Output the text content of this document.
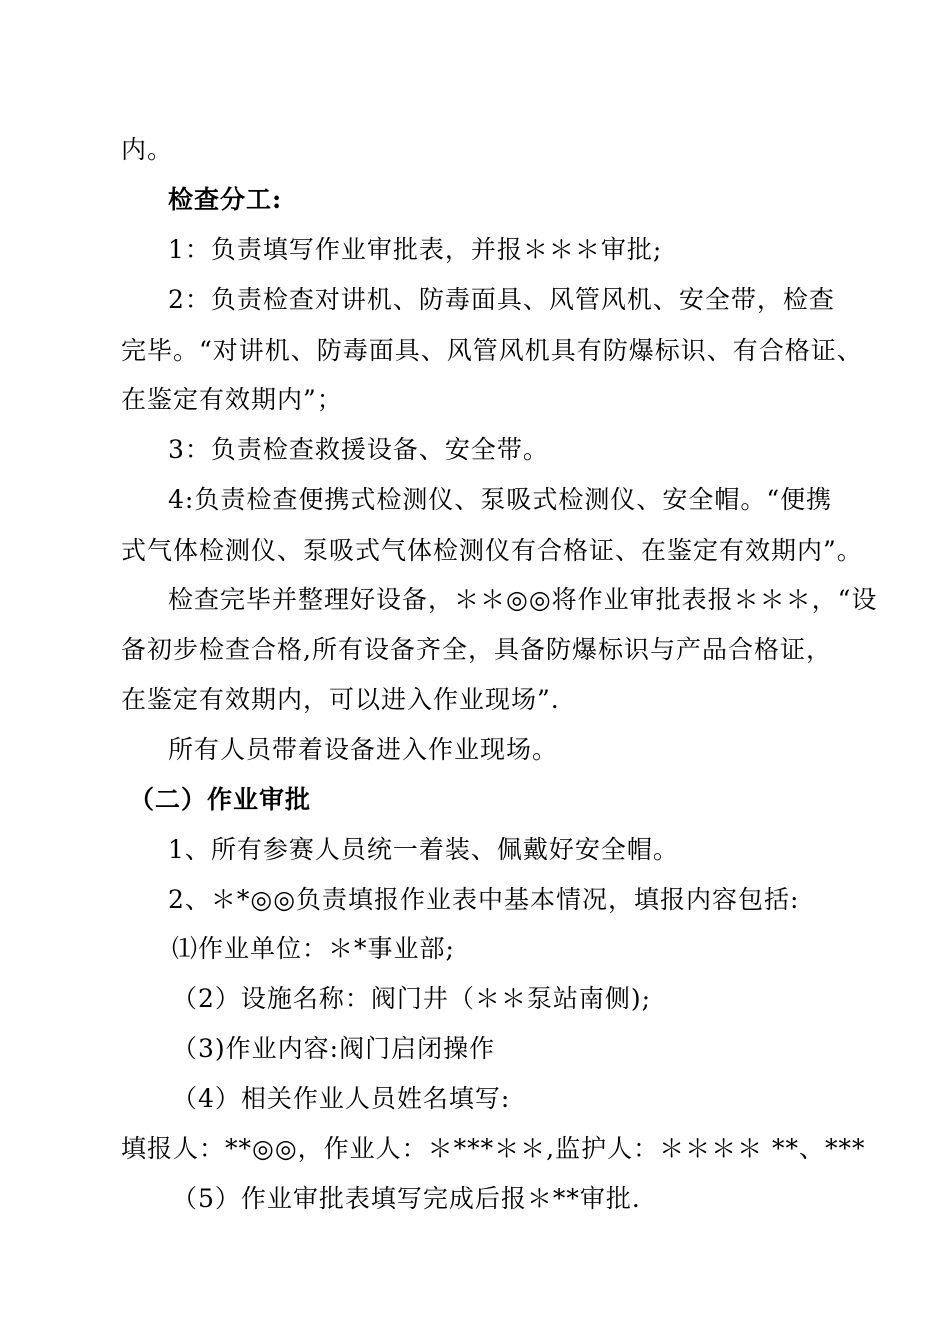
内。
检查分工:
1：负责填写作业审批表，并报＊＊＊审批;
2：负责检查对讲机、防毒面具、风管风机、安全带，检查
完毕。“对讲机、防毒面具、风管风机具有防爆标识、有合格证、
在鉴定有效期内”；
3：负责检查救援设备、安全带。
4:负责检查便携式检测仪、泵吸式检测仪、安全帽。“便携
式气体检测仪、泵吸式气体检测仪有合格证、在鉴定有效期内”。
检查完毕并整理好设备，＊＊◎◎将作业审批表报＊＊＊，“设
备初步检查合格,所有设备齐全，具备防爆标识与产品合格证，
在鉴定有效期内，可以进入作业现场”.
所有人员带着设备进入作业现场。
（二）作业审批
1、所有参赛人员统一着装、佩戴好安全帽。
2、＊*◎◎负责填报作业表中基本情况，填报内容包括:
⑴作业单位：＊*事业部;
（2）设施名称：阀门井（＊＊泵站南侧);
（3)作业内容:阀门启闭操作
（4）相关作业人员姓名填写:
填报人：**◎◎，作业人：＊***＊＊,监护人：＊＊＊＊ **、***
（5）作业审批表填写完成后报＊**审批.
